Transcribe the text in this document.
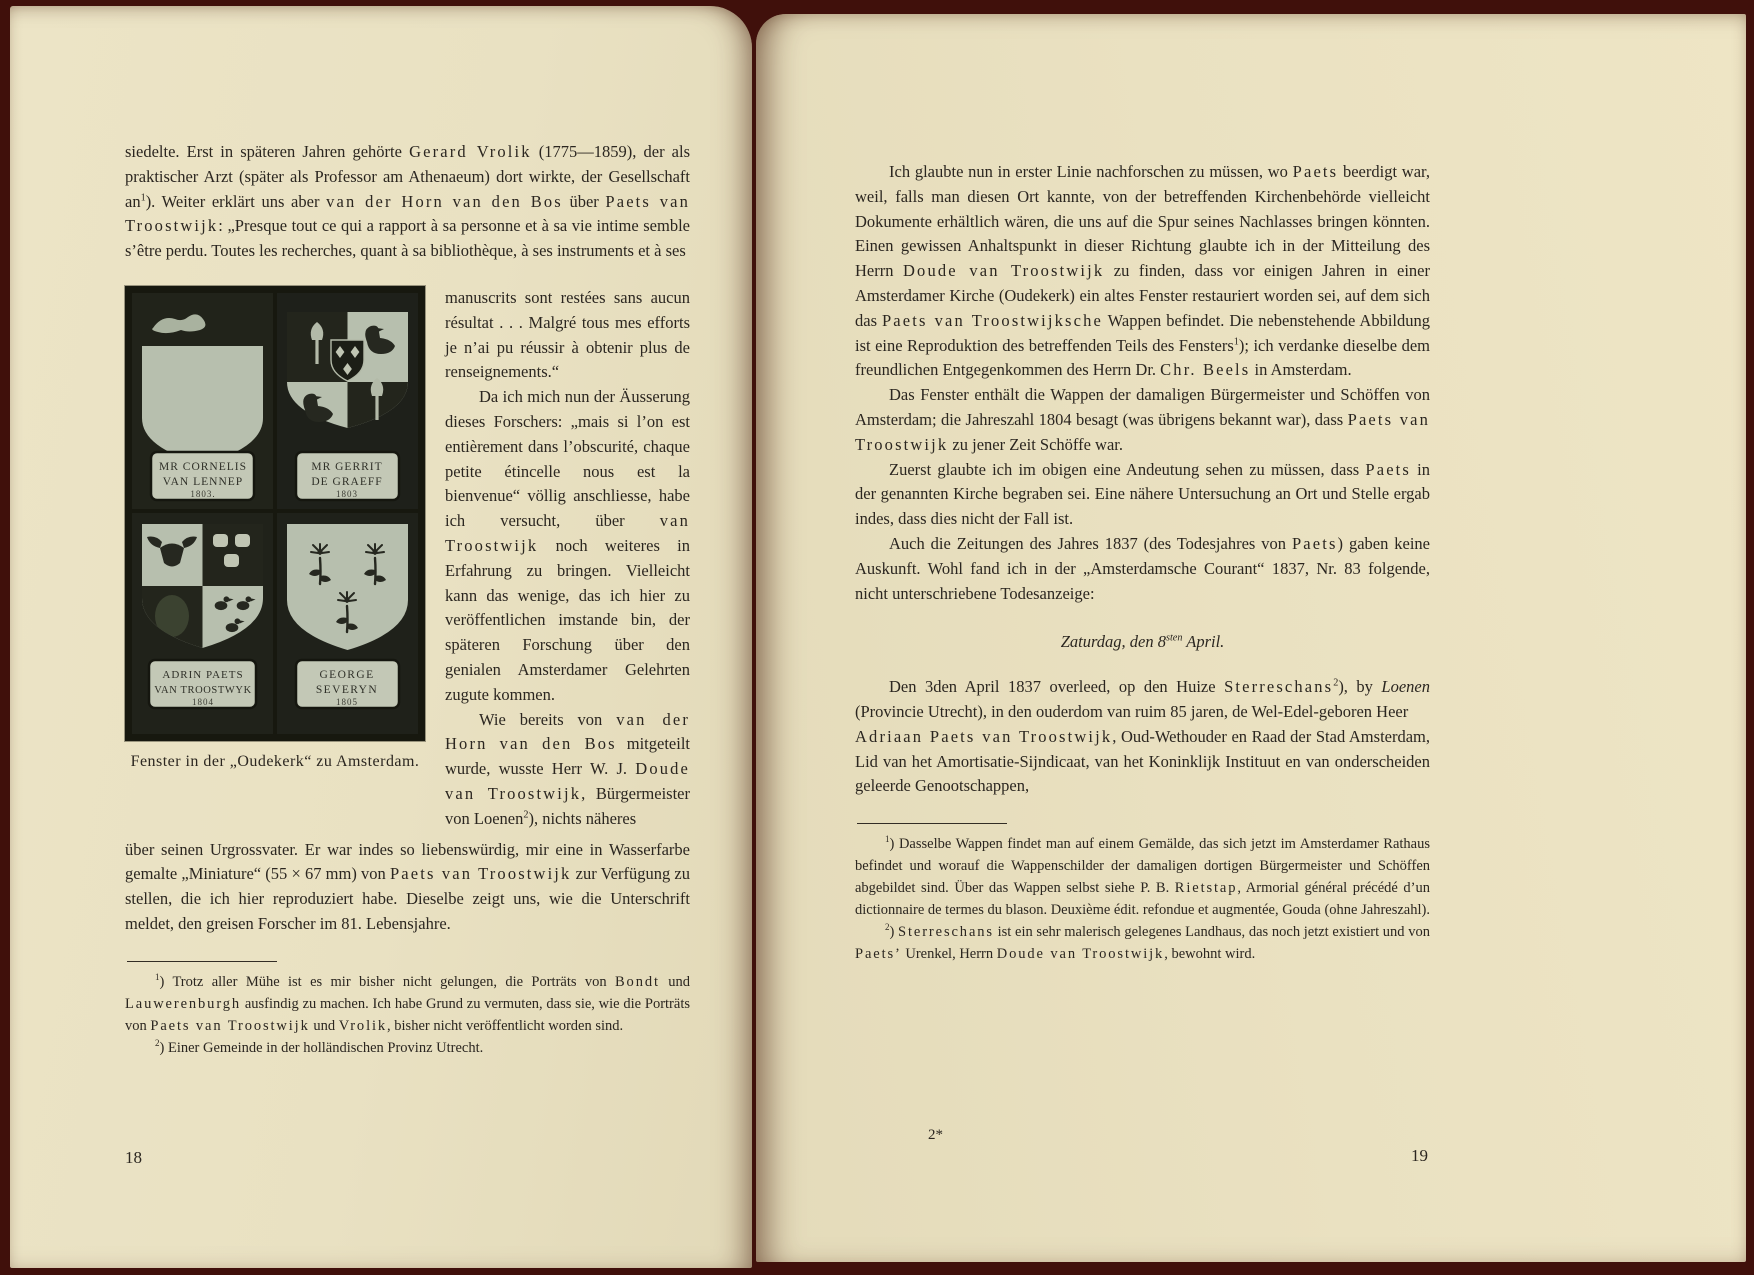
siedelte. Erst in späteren Jahren gehörte Gerard Vrolik (1775—1859), der als praktischer Arzt (später als Professor am Athenaeum) dort wirkte, der Gesellschaft an$^1$). Weiter erklärt uns aber van der Horn van den Bos über Paets van Troostwijk: „Presque tout ce qui a rapport à sa personne et à sa vie intime semble s’être perdu. Toutes les recherches, quant à sa bibliothèque, à ses instruments et à ses

MR CORNELIS
VAN LENNEP
1803.
MR GERRIT
DE GRAEFF
1803
ADRIN PAETS
VAN TROOSTWYK
1804
GEORGE
SEVERYN
1805
Fenster in der „Oudekerk“ zu Amsterdam.

manuscrits sont restées sans aucun résultat . . . Malgré tous mes efforts je n’ai pu réussir à obtenir plus de renseignements.“

Da ich mich nun der Äusserung dieses Forschers: „mais si l’on est entièrement dans l’obscurité, chaque petite étincelle nous est la bienvenue“ völlig anschliesse, habe ich versucht, über van Troostwijk noch weiteres in Erfahrung zu bringen. Vielleicht kann das wenige, das ich hier zu veröffentlichen imstande bin, der späteren Forschung über den genialen Amsterdamer Gelehrten zugute kommen.

Wie bereits von van der Horn van den Bos mitgeteilt wurde, wusste Herr W. J. Doude van Troostwijk, Bürgermeister von Loenen$^2$), nichts näheres

über seinen Urgrossvater. Er war indes so liebenswürdig, mir eine in Wasserfarbe gemalte „Miniature“ (55 × 67 mm) von Paets van Troostwijk zur Verfügung zu stellen, die ich hier reproduziert habe. Dieselbe zeigt uns, wie die Unterschrift meldet, den greisen Forscher im 81. Lebensjahre.

$^1$) Trotz aller Mühe ist es mir bisher nicht gelungen, die Porträts von Bondt und Lauwerenburgh ausfindig zu machen. Ich habe Grund zu vermuten, dass sie, wie die Porträts von Paets van Troostwijk und Vrolik, bisher nicht veröffentlicht worden sind.

$^2$) Einer Gemeinde in der holländischen Provinz Utrecht.

18

Ich glaubte nun in erster Linie nachforschen zu müssen, wo Paets beerdigt war, weil, falls man diesen Ort kannte, von der betreffenden Kirchenbehörde vielleicht Dokumente erhältlich wären, die uns auf die Spur seines Nachlasses bringen könnten. Einen gewissen Anhaltspunkt in dieser Richtung glaubte ich in der Mitteilung des Herrn Doude van Troostwijk zu finden, dass vor einigen Jahren in einer Amsterdamer Kirche (Oudekerk) ein altes Fenster restauriert worden sei, auf dem sich das Paets van Troostwijksche Wappen befindet. Die nebenstehende Abbildung ist eine Reproduktion des betreffenden Teils des Fensters$^1$); ich verdanke dieselbe dem freundlichen Entgegenkommen des Herrn Dr. Chr. Beels in Amsterdam.

Das Fenster enthält die Wappen der damaligen Bürgermeister und Schöffen von Amsterdam; die Jahreszahl 1804 besagt (was übrigens bekannt war), dass Paets van Troostwijk zu jener Zeit Schöffe war.

Zuerst glaubte ich im obigen eine Andeutung sehen zu müssen, dass Paets in der genannten Kirche begraben sei. Eine nähere Untersuchung an Ort und Stelle ergab indes, dass dies nicht der Fall ist.

Auch die Zeitungen des Jahres 1837 (des Todesjahres von Paets) gaben keine Auskunft. Wohl fand ich in der „Amsterdamsche Courant“ 1837, Nr. 83 folgende, nicht unterschriebene Todesanzeige:

Zaturdag, den 8$^{sten}$ April.

Den 3den April 1837 overleed, op den Huize Sterreschans$^2$), by Loenen (Provincie Utrecht), in den ouderdom van ruim 85 jaren, de Wel-Edel-geboren Heer

Adriaan Paets van Troostwijk, Oud-Wethouder en Raad der Stad Amsterdam, Lid van het Amortisatie-Sijndicaat, van het Koninklijk Instituut en van onderscheiden geleerde Genootschappen,

$^1$) Dasselbe Wappen findet man auf einem Gemälde, das sich jetzt im Amsterdamer Rathaus befindet und worauf die Wappenschilder der damaligen dortigen Bürgermeister und Schöffen abgebildet sind. Über das Wappen selbst siehe P. B. Rietstap, Armorial général précédé d’un dictionnaire de termes du blason. Deuxième édit. refondue et augmentée, Gouda (ohne Jahreszahl).

$^2$) Sterreschans ist ein sehr malerisch gelegenes Landhaus, das noch jetzt existiert und von Paets’ Urenkel, Herrn Doude van Troostwijk, bewohnt wird.

2*
19
